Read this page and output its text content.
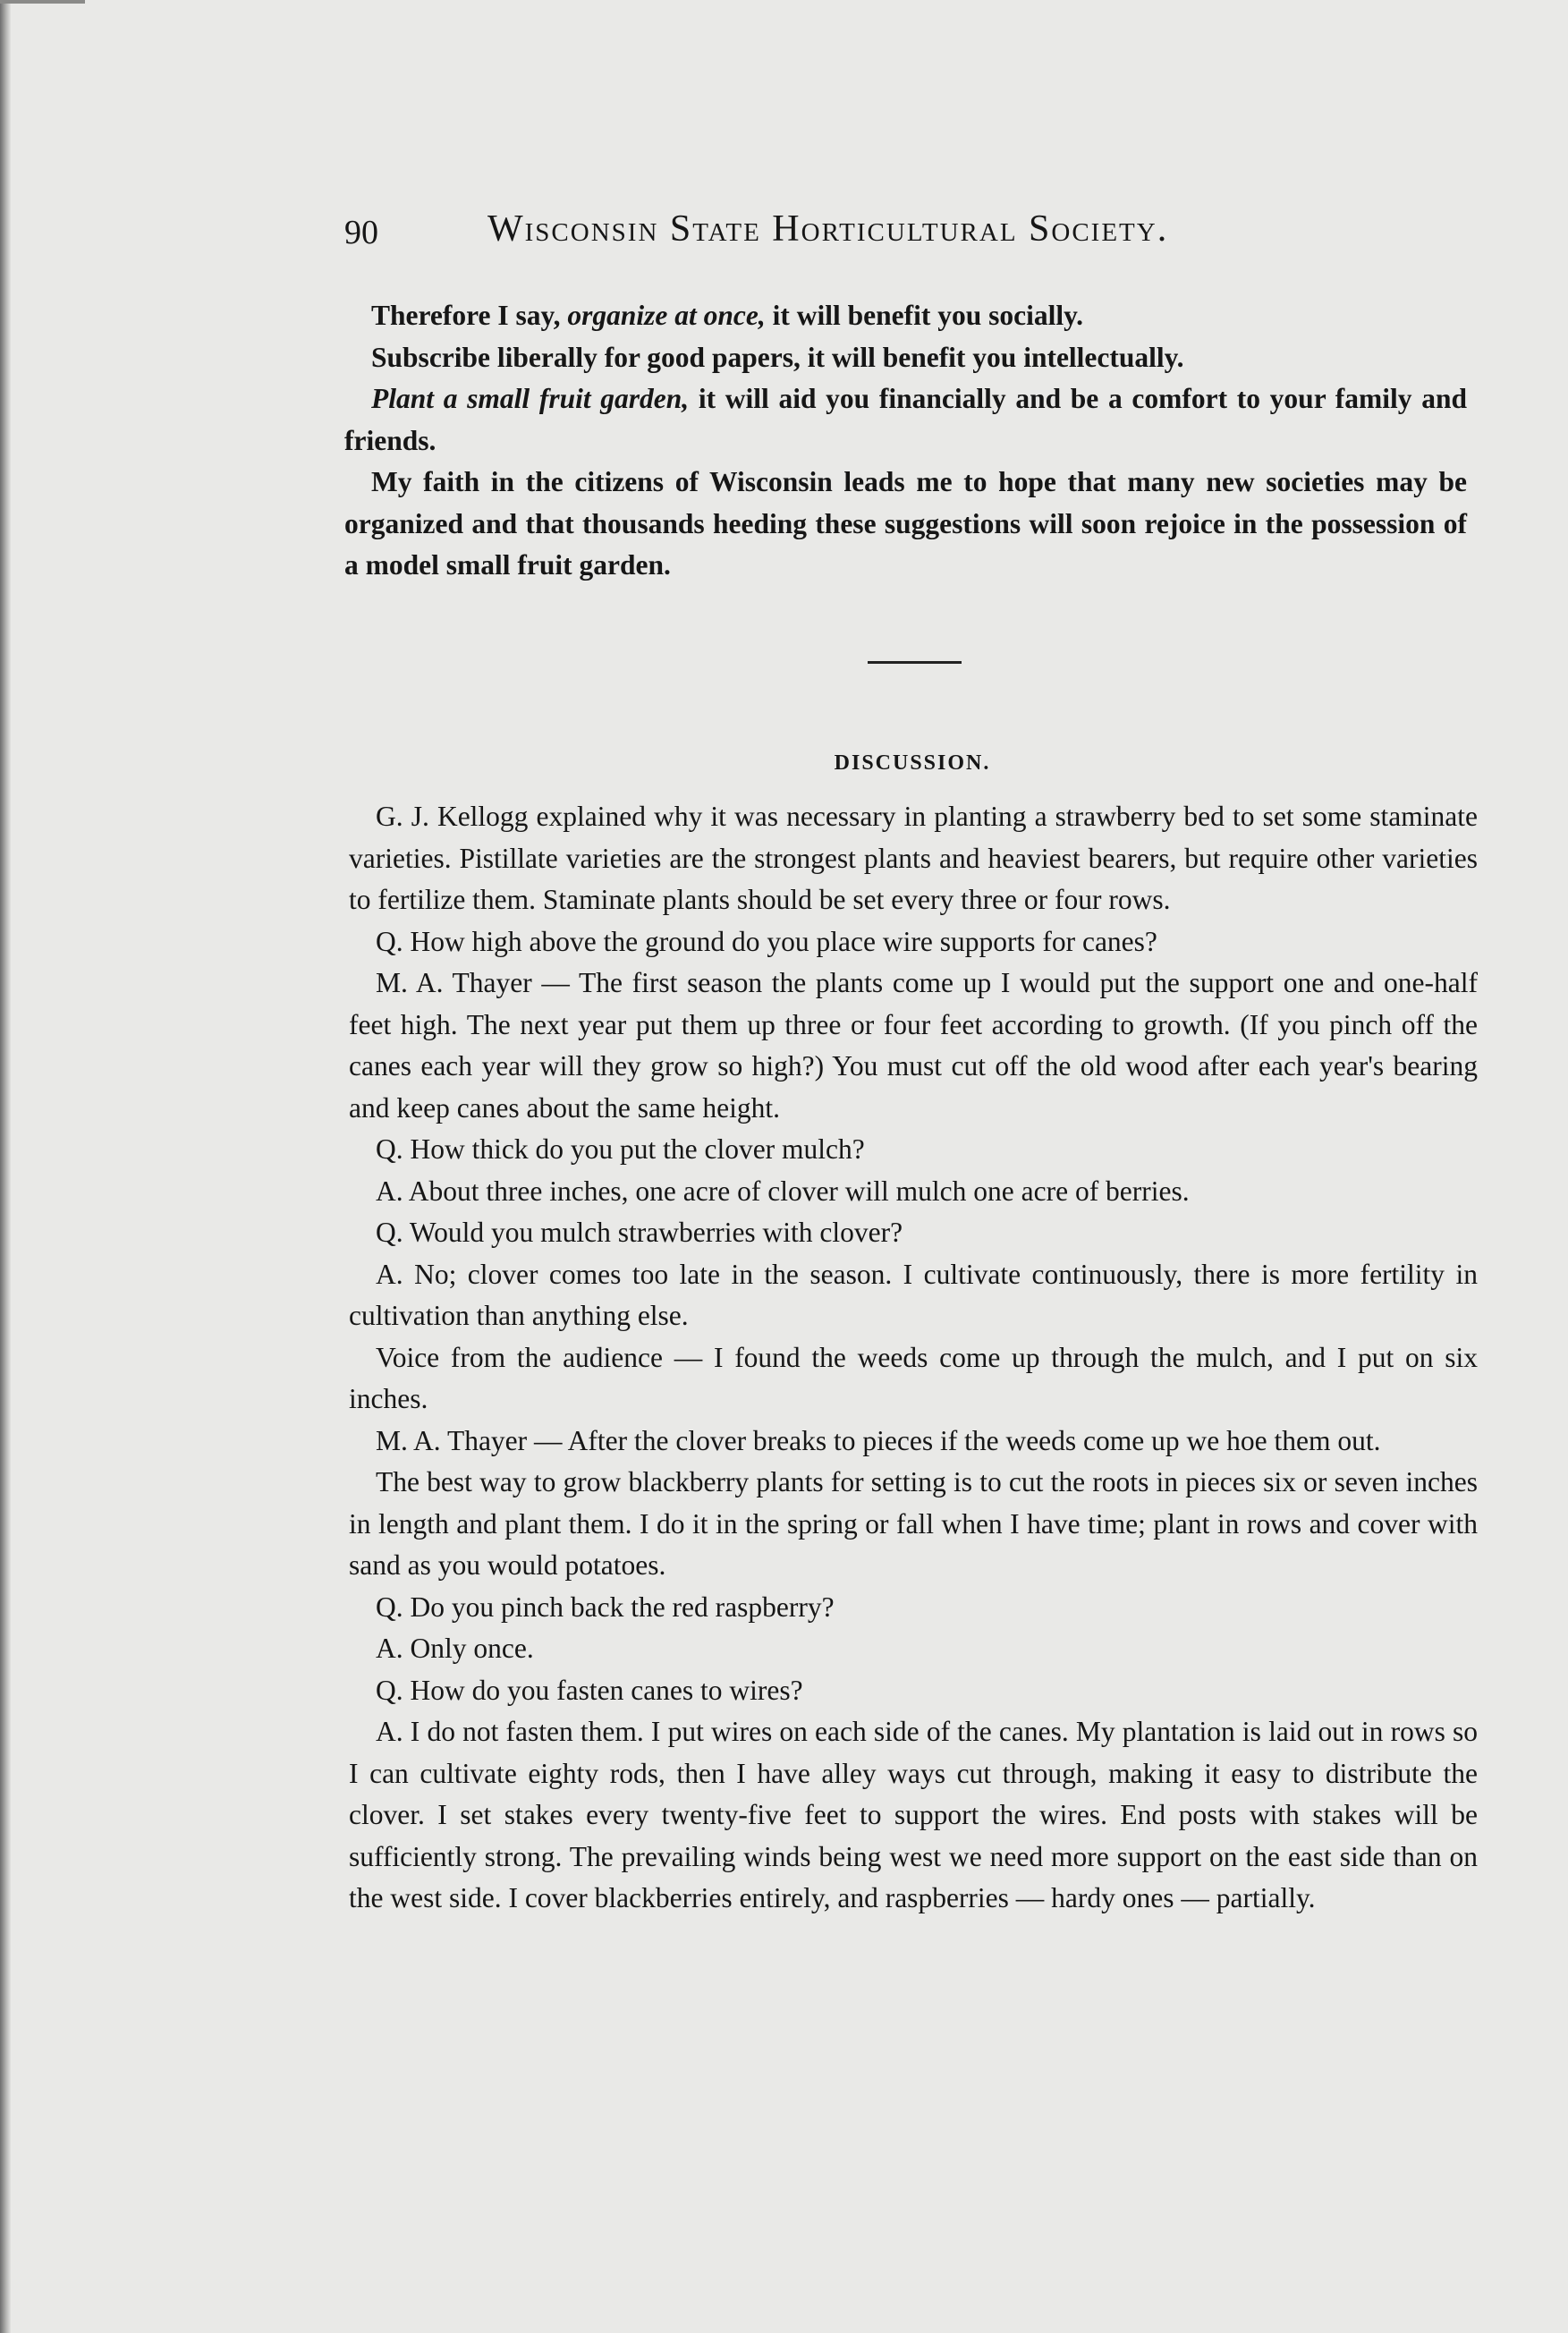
90	Wisconsin State Horticultural Society.

Therefore I say, organize at once, it will benefit you socially.

Subscribe liberally for good papers, it will benefit you intellectually.

Plant a small fruit garden, it will aid you financially and be a comfort to your family and friends.

My faith in the citizens of Wisconsin leads me to hope that many new societies may be organized and that thousands heeding these suggestions will soon rejoice in the possession of a model small fruit garden.

DISCUSSION.

G. J. Kellogg explained why it was necessary in planting a strawberry bed to set some staminate varieties. Pistillate varieties are the strongest plants and heaviest bearers, but require other varieties to fertilize them. Staminate plants should be set every three or four rows.

Q. How high above the ground do you place wire supports for canes?

M. A. Thayer — The first season the plants come up I would put the support one and one-half feet high. The next year put them up three or four feet according to growth. (If you pinch off the canes each year will they grow so high?) You must cut off the old wood after each year's bearing and keep canes about the same height.

Q. How thick do you put the clover mulch?

A. About three inches, one acre of clover will mulch one acre of berries.

Q. Would you mulch strawberries with clover?

A. No; clover comes too late in the season. I cultivate continuously, there is more fertility in cultivation than anything else.

Voice from the audience — I found the weeds come up through the mulch, and I put on six inches.

M. A. Thayer — After the clover breaks to pieces if the weeds come up we hoe them out.

The best way to grow blackberry plants for setting is to cut the roots in pieces six or seven inches in length and plant them. I do it in the spring or fall when I have time; plant in rows and cover with sand as you would potatoes.

Q. Do you pinch back the red raspberry?

A. Only once.

Q. How do you fasten canes to wires?

A. I do not fasten them. I put wires on each side of the canes. My plantation is laid out in rows so I can cultivate eighty rods, then I have alley ways cut through, making it easy to distribute the clover. I set stakes every twenty-five feet to support the wires. End posts with stakes will be sufficiently strong. The prevailing winds being west we need more support on the east side than on the west side. I cover blackberries entirely, and raspberries — hardy ones — partially.
